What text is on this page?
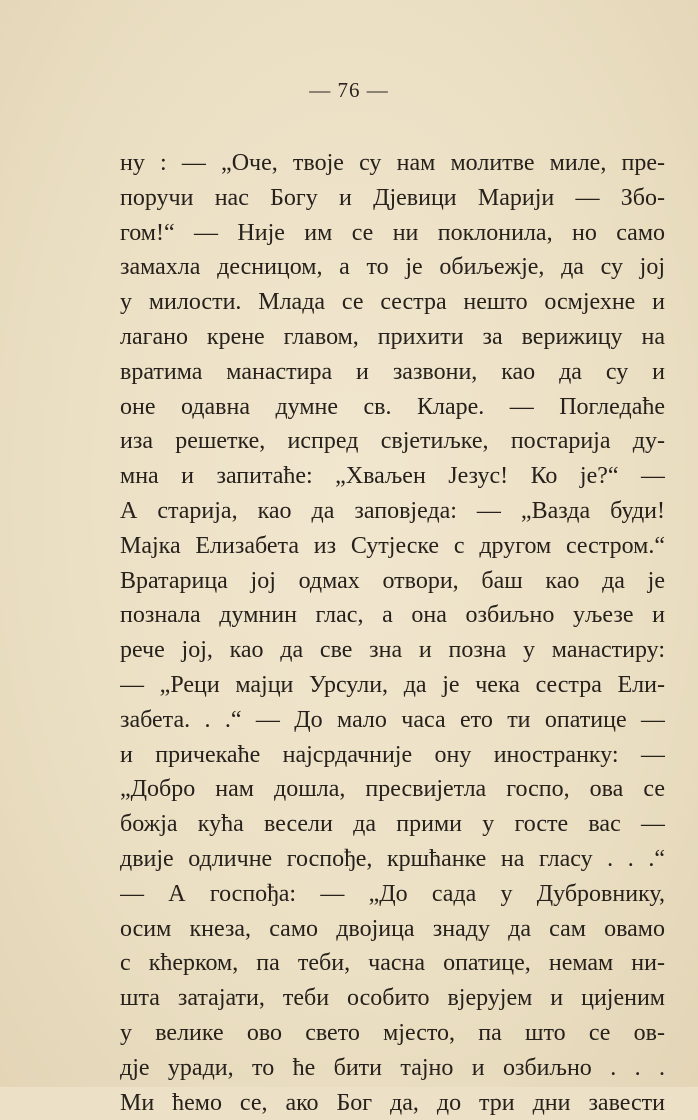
— 76 —
ну : — „Оче, твоје су нам молитве миле, пре-
поручи нас Богу и Дјевици Марији — Збо-
гом!“ — Није им се ни поклонила, но само
замахла десницом, а то је обиљежје, да су јој
у милости. Млада се сестра нешто осмјехне и
лагано крене главом, прихити за верижицу на
вратима манастира и зазвони, као да су и
оне одавна думне св. Кларе. — Погледаће
иза решетке, испред свјетиљке, постарија ду-
мна и запитаће: „Хваљен Језус! Ко је?“ —
А старија, као да заповједа: — „Вазда буди!
Мајка Елизабета из Сутјеске с другом сестром.“
Вратарица јој одмах отвори, баш као да је
познала думнин глас, а она озбиљно уљезе и
рече јој, као да све зна и позна у манастиру:
— „Реци мајци Урсули, да је чека сестра Ели-
забета. . .“ — До мало часа ето ти опатице —
и причекаће најсрдачније ону иностранку: —
„Добро нам дошла, пресвијетла госпо, ова се
божја кућа весели да прими у госте вас —
двије одличне госпође, кршћанке на гласу . . .“
— А госпођа: — „До сада у Дубровнику,
осим кнеза, само двојица знаду да сам овамо
с кћерком, па теби, часна опатице, немам ни-
шта затајати, теби особито вјерујем и цијеним
у велике ово свето мјесто, па што се ов-
дје уради, то ће бити тајно и озбиљно . . .
Ми ћемо се, ако Бог да, до три дни завести
